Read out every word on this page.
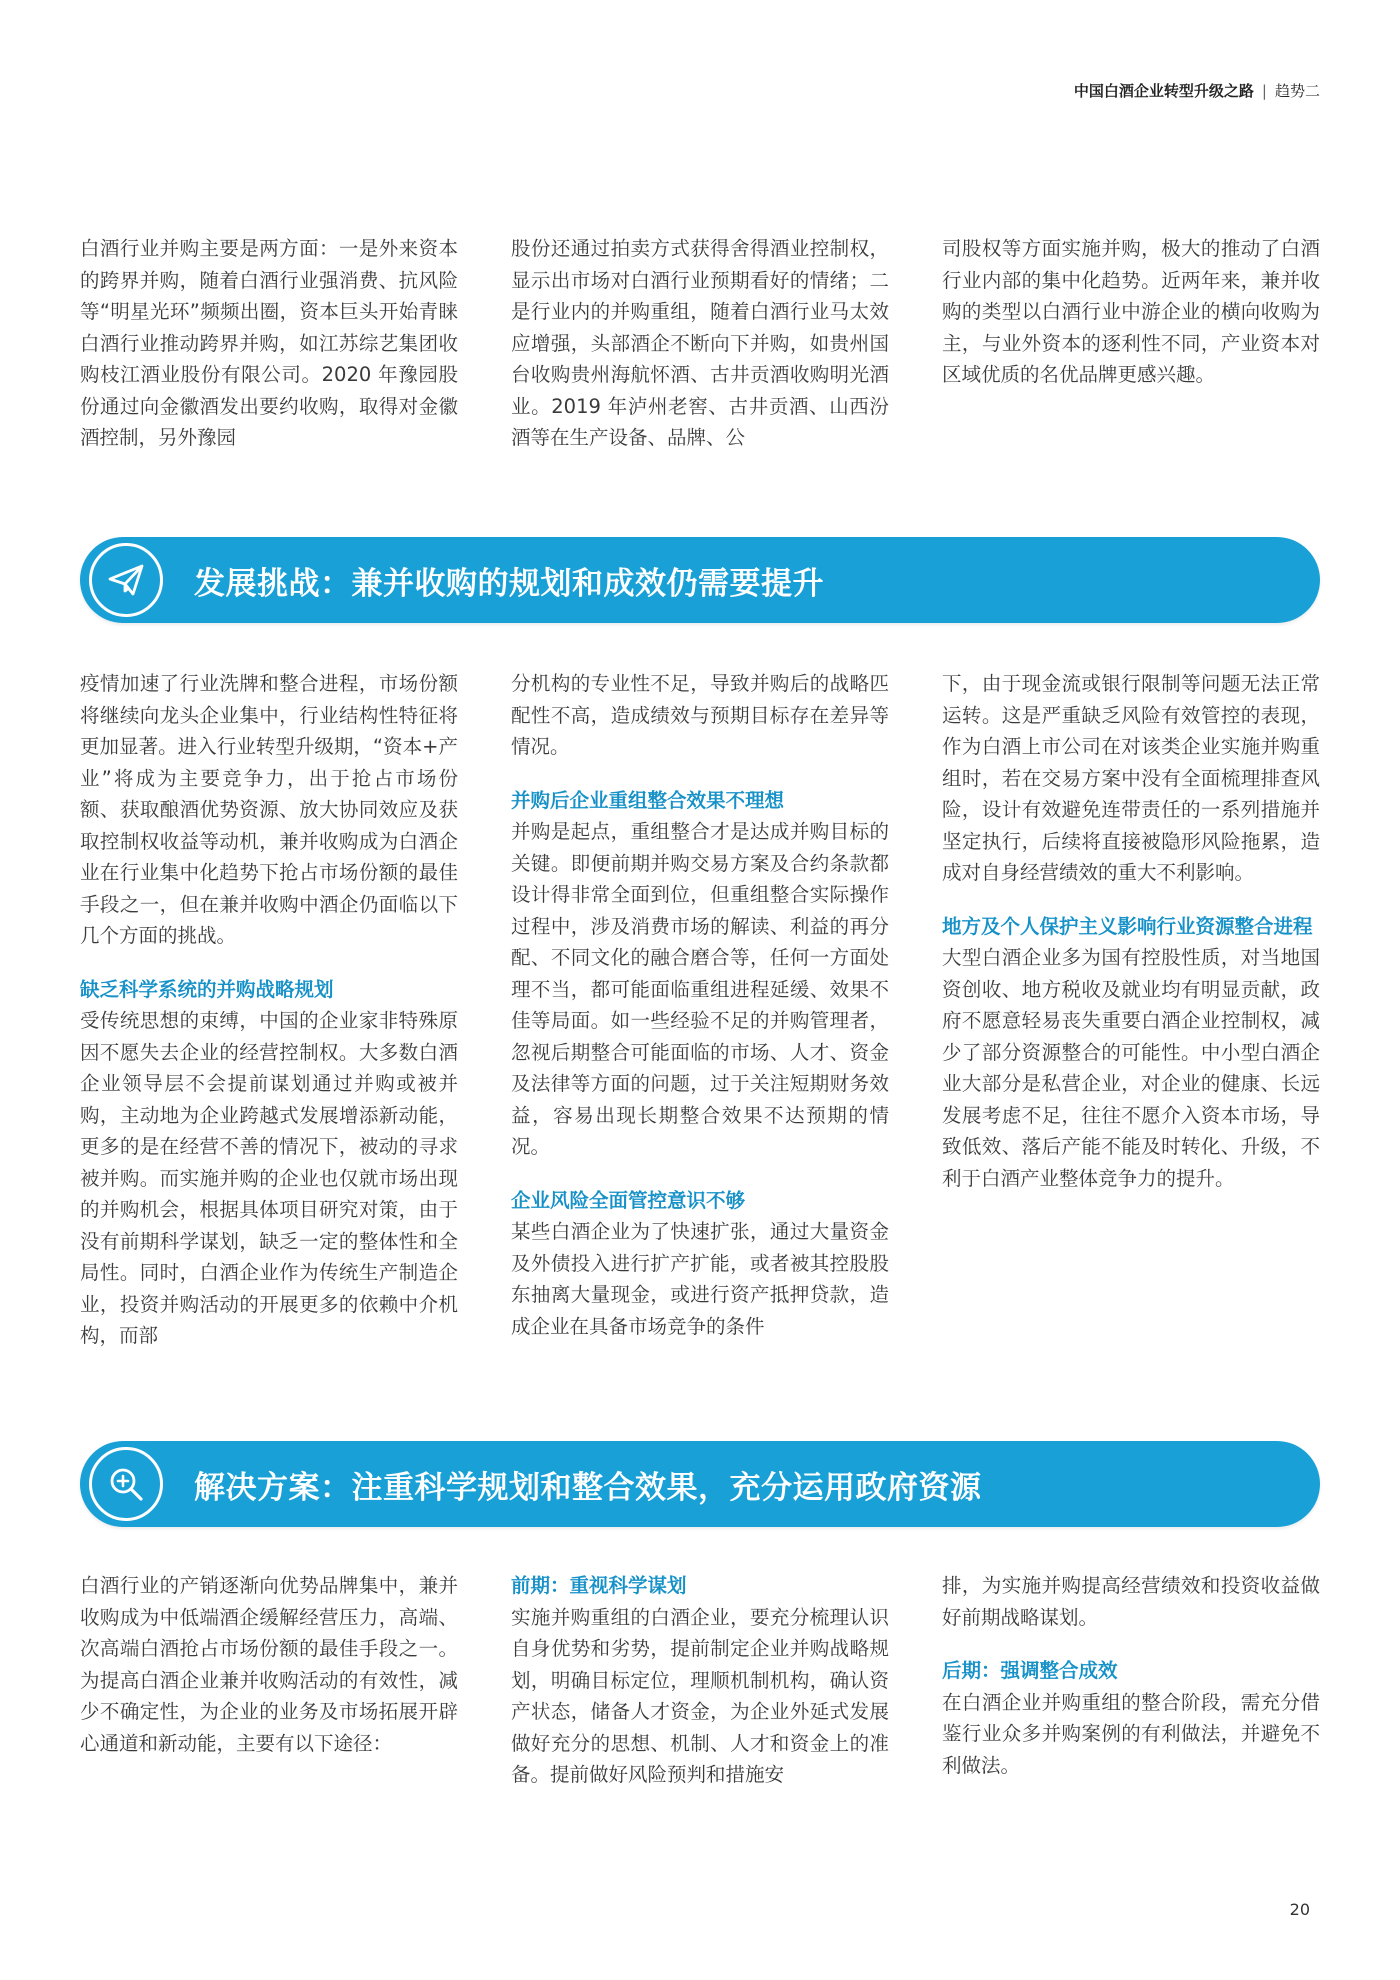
中国白酒企业转型升级之路 | 趋势二

白酒行业并购主要是两方面：一是外来资本的跨界并购，随着白酒行业强消费、抗风险等“明星光环”频频出圈，资本巨头开始青睐白酒行业推动跨界并购，如江苏综艺集团收购枝江酒业股份有限公司。2020 年豫园股份通过向金徽酒发出要约收购，取得对金徽酒控制，另外豫园

股份还通过拍卖方式获得舍得酒业控制权，显示出市场对白酒行业预期看好的情绪；二是行业内的并购重组，随着白酒行业马太效应增强，头部酒企不断向下并购，如贵州国台收购贵州海航怀酒、古井贡酒收购明光酒业。2019 年泸州老窖、古井贡酒、山西汾酒等在生产设备、品牌、公

司股权等方面实施并购，极大的推动了白酒行业内部的集中化趋势。近两年来，兼并收购的类型以白酒行业中游企业的横向收购为主，与业外资本的逐利性不同，产业资本对区域优质的名优品牌更感兴趣。

发展挑战：兼并收购的规划和成效仍需要提升

疫情加速了行业洗牌和整合进程，市场份额将继续向龙头企业集中，行业结构性特征将更加显著。进入行业转型升级期，“资本+产业”将成为主要竞争力，出于抢占市场份额、获取酿酒优势资源、放大协同效应及获取控制权收益等动机，兼并收购成为白酒企业在行业集中化趋势下抢占市场份额的最佳手段之一，但在兼并收购中酒企仍面临以下几个方面的挑战。

缺乏科学系统的并购战略规划

受传统思想的束缚，中国的企业家非特殊原因不愿失去企业的经营控制权。大多数白酒企业领导层不会提前谋划通过并购或被并购，主动地为企业跨越式发展增添新动能，更多的是在经营不善的情况下，被动的寻求被并购。而实施并购的企业也仅就市场出现的并购机会，根据具体项目研究对策，由于没有前期科学谋划，缺乏一定的整体性和全局性。同时，白酒企业作为传统生产制造企业，投资并购活动的开展更多的依赖中介机构，而部

分机构的专业性不足，导致并购后的战略匹配性不高，造成绩效与预期目标存在差异等情况。

并购后企业重组整合效果不理想

并购是起点，重组整合才是达成并购目标的关键。即便前期并购交易方案及合约条款都设计得非常全面到位，但重组整合实际操作过程中，涉及消费市场的解读、利益的再分配、不同文化的融合磨合等，任何一方面处理不当，都可能面临重组进程延缓、效果不佳等局面。如一些经验不足的并购管理者，忽视后期整合可能面临的市场、人才、资金及法律等方面的问题，过于关注短期财务效益，容易出现长期整合效果不达预期的情况。

企业风险全面管控意识不够

某些白酒企业为了快速扩张，通过大量资金及外债投入进行扩产扩能，或者被其控股股东抽离大量现金，或进行资产抵押贷款，造成企业在具备市场竞争的条件

下，由于现金流或银行限制等问题无法正常运转。这是严重缺乏风险有效管控的表现，作为白酒上市公司在对该类企业实施并购重组时，若在交易方案中没有全面梳理排查风险，设计有效避免连带责任的一系列措施并坚定执行，后续将直接被隐形风险拖累，造成对自身经营绩效的重大不利影响。

地方及个人保护主义影响行业资源整合进程

大型白酒企业多为国有控股性质，对当地国资创收、地方税收及就业均有明显贡献，政府不愿意轻易丧失重要白酒企业控制权，减少了部分资源整合的可能性。中小型白酒企业大部分是私营企业，对企业的健康、长远发展考虑不足，往往不愿介入资本市场，导致低效、落后产能不能及时转化、升级，不利于白酒产业整体竞争力的提升。

解决方案：注重科学规划和整合效果，充分运用政府资源

白酒行业的产销逐渐向优势品牌集中，兼并收购成为中低端酒企缓解经营压力，高端、次高端白酒抢占市场份额的最佳手段之一。为提高白酒企业兼并收购活动的有效性，减少不确定性，为企业的业务及市场拓展开辟心通道和新动能，主要有以下途径：

前期：重视科学谋划

实施并购重组的白酒企业，要充分梳理认识自身优势和劣势，提前制定企业并购战略规划，明确目标定位，理顺机制机构，确认资产状态，储备人才资金，为企业外延式发展做好充分的思想、机制、人才和资金上的准备。提前做好风险预判和措施安

排，为实施并购提高经营绩效和投资收益做好前期战略谋划。

后期：强调整合成效

在白酒企业并购重组的整合阶段，需充分借鉴行业众多并购案例的有利做法，并避免不利做法。

20
